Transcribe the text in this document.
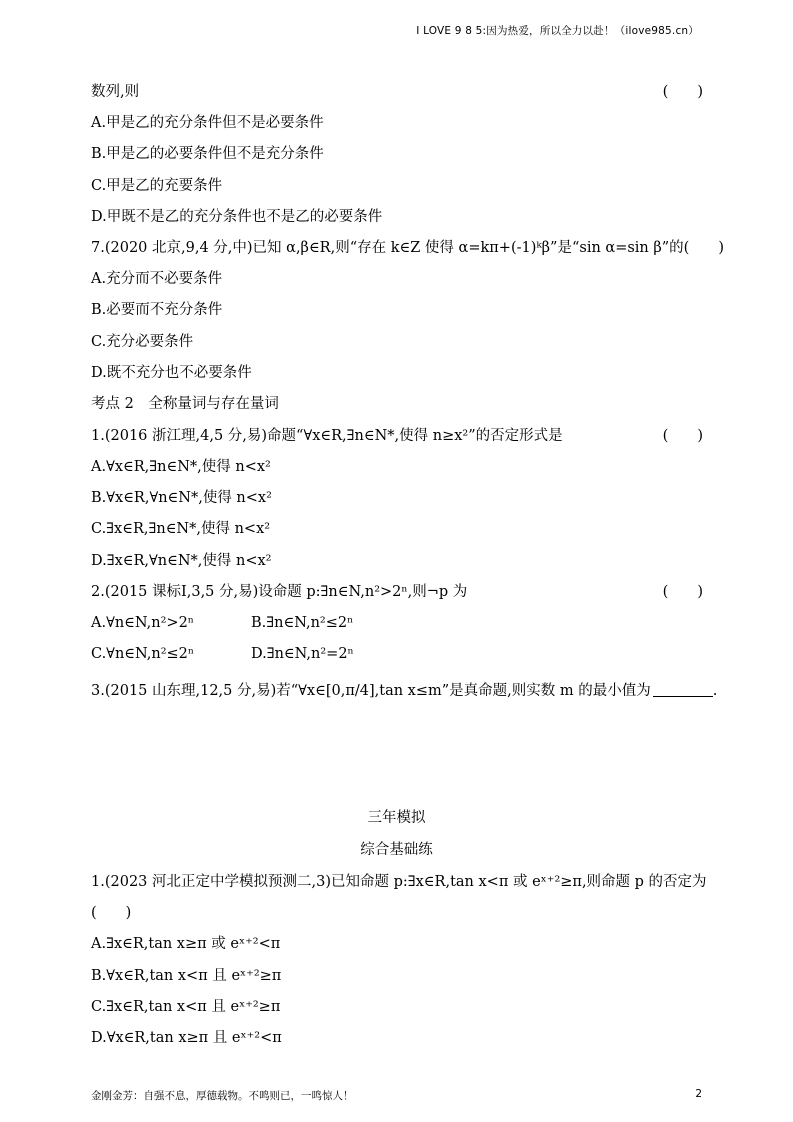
I LOVE 9 8 5:因为热爱，所以全力以赴！（ilove985.cn）
数列,则	(　　)
A.甲是乙的充分条件但不是必要条件
B.甲是乙的必要条件但不是充分条件
C.甲是乙的充要条件
D.甲既不是乙的充分条件也不是乙的必要条件
7.(2020 北京,9,4 分,中)已知 α,β∈R,则“存在 k∈Z 使得 α=kπ+(-1)ᵏβ”是“sin α=sin β”的(　　)
A.充分而不必要条件
B.必要而不充分条件
C.充分必要条件
D.既不充分也不必要条件
考点 2　全称量词与存在量词
1.(2016 浙江理,4,5 分,易)命题“∀x∈R,∃n∈N*,使得 n≥x²”的否定形式是	(　　)
A.∀x∈R,∃n∈N*,使得 n<x²
B.∀x∈R,∀n∈N*,使得 n<x²
C.∃x∈R,∃n∈N*,使得 n<x²
D.∃x∈R,∀n∈N*,使得 n<x²
2.(2015 课标Ⅰ,3,5 分,易)设命题 p:∃n∈N,n²>2ⁿ,则¬p 为	(　　)
A.∀n∈N,n²>2ⁿ	B.∃n∈N,n²≤2ⁿ
C.∀n∈N,n²≤2ⁿ	D.∃n∈N,n²=2ⁿ
3.(2015 山东理,12,5 分,易)若“∀x∈[0,π/4],tan x≤m”是真命题,则实数 m 的最小值为	.
三年模拟
综合基础练
1.(2023 河北正定中学模拟预测二,3)已知命题 p:∃x∈R,tan x<π 或 eˣ⁺²≥π,则命题 p 的否定为
(　　)
A.∃x∈R,tan x≥π 或 eˣ⁺²<π
B.∀x∈R,tan x<π 且 eˣ⁺²≥π
C.∃x∈R,tan x<π 且 eˣ⁺²≥π
D.∀x∈R,tan x≥π 且 eˣ⁺²<π
金刚金芳：自强不息，厚德载物。不鸣则已，一鸣惊人！	2
